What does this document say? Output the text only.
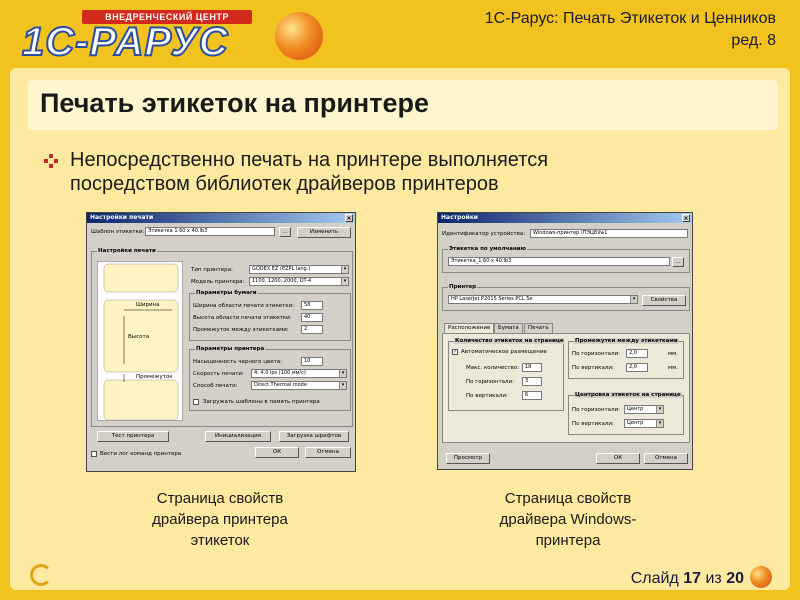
ВНЕДРЕНЧЕСКИЙ ЦЕНТР
1С-РАРУС
1С-Рарус: Печать Этикеток и Ценников
ред. 8
Печать этикеток на принтере
Непосредственно печать на принтере выполняется
посредством библиотек драйверов принтеров
Настройки печати	×
Шаблон этикетки: Этикетка 1 60 х 40.lb3	…	Изменить
Настройки печати
Ширина
Высота
Промежуток
Тип принтера:	GODEX EZ (EZPL lang.)	▾
Модель принтера:	1100, 1200, 2000, DT-4	▾
Параметры бумаги
Ширина области печати этикетки:	58
Высота области печати этикетки:	40
Промежуток между этикетками:	2
Параметры принтера
Насыщенность черного цвета:	10
Скорость печати:	4: 4.0 ips (100 мм/с)	▾
Способ печати:	Direct Thermal mode	▾
Загружать шаблоны в память принтера
Тест принтера	Инициализация	Загрузка шрифтов
Вести лог команд принтера	ОК	Отмена
Настройки	×
Идентификатор устройства:	Windows-принтер (ПЭЦ8)№1
Этикетка по умолчанию
Этикетка_1 60 х 40.lb3	…
Принтер
HP LaserJet P2015 Series PCL 5e	▾	Свойства
Расположение	Бумага	Печать
Количество этикеток на странице
✓ Автоматическое размещение
Макс. количество:	18
По горизонтали:	3
По вертикали:	6
Промежутки между этикетками
По горизонтали:	2,0	мм.
По вертикали:	2,0	мм.
Центровка этикеток на странице
По горизонтали:	Центр	▾
По вертикали:	Центр	▾
Просмотр	ОК	Отмена
Страница свойств
драйвера принтера
этикеток
Страница свойств
драйвера Windows-
принтера
Слайд 17 из 20
